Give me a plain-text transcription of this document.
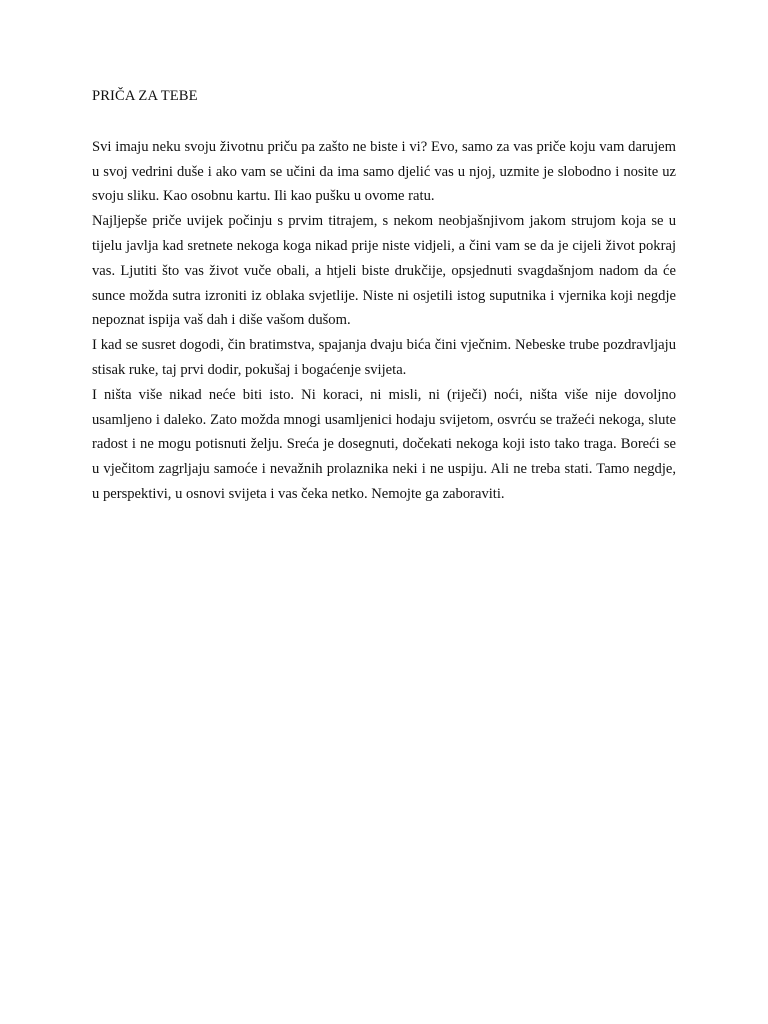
PRIČA ZA TEBE

Svi imaju neku svoju životnu priču pa zašto ne biste i vi? Evo, samo za vas priče koju vam darujem u svoj vedrini duše i ako vam se učini da ima samo djelić vas u njoj, uzmite je slobodno i nosite uz svoju sliku. Kao osobnu kartu. Ili kao pušku u ovome ratu.

Najljepše priče uvijek počinju s prvim titrajem, s nekom neobjašnjivom jakom strujom koja se u tijelu javlja kad sretnete nekoga koga nikad prije niste vidjeli, a čini vam se da je cijeli život pokraj vas. Ljutiti što vas život vuče obali, a htjeli biste drukčije, opsjednuti svagdašnjom nadom da će sunce možda sutra izroniti iz oblaka svjetlije. Niste ni osjetili istog suputnika i vjernika koji negdje nepoznat ispija vaš dah i diše vašom dušom.

I kad se susret dogodi, čin bratimstva, spajanja dvaju bića čini vječnim. Nebeske trube pozdravljaju stisak ruke, taj prvi dodir, pokušaj i bogaćenje svijeta.

I ništa više nikad neće biti isto. Ni koraci, ni misli, ni (riječi) noći, ništa više nije dovoljno usamljeno i daleko. Zato možda mnogi usamljenici hodaju svijetom, osvrću se tražeći nekoga, slute radost i ne mogu potisnuti želju. Sreća je dosegnuti, dočekati nekoga koji isto tako traga. Boreći se u vječitom zagrljaju samoće i nevažnih prolaznika neki i ne uspiju. Ali ne treba stati. Tamo negdje, u perspektivi, u osnovi svijeta i vas čeka netko. Nemojte ga zaboraviti.
